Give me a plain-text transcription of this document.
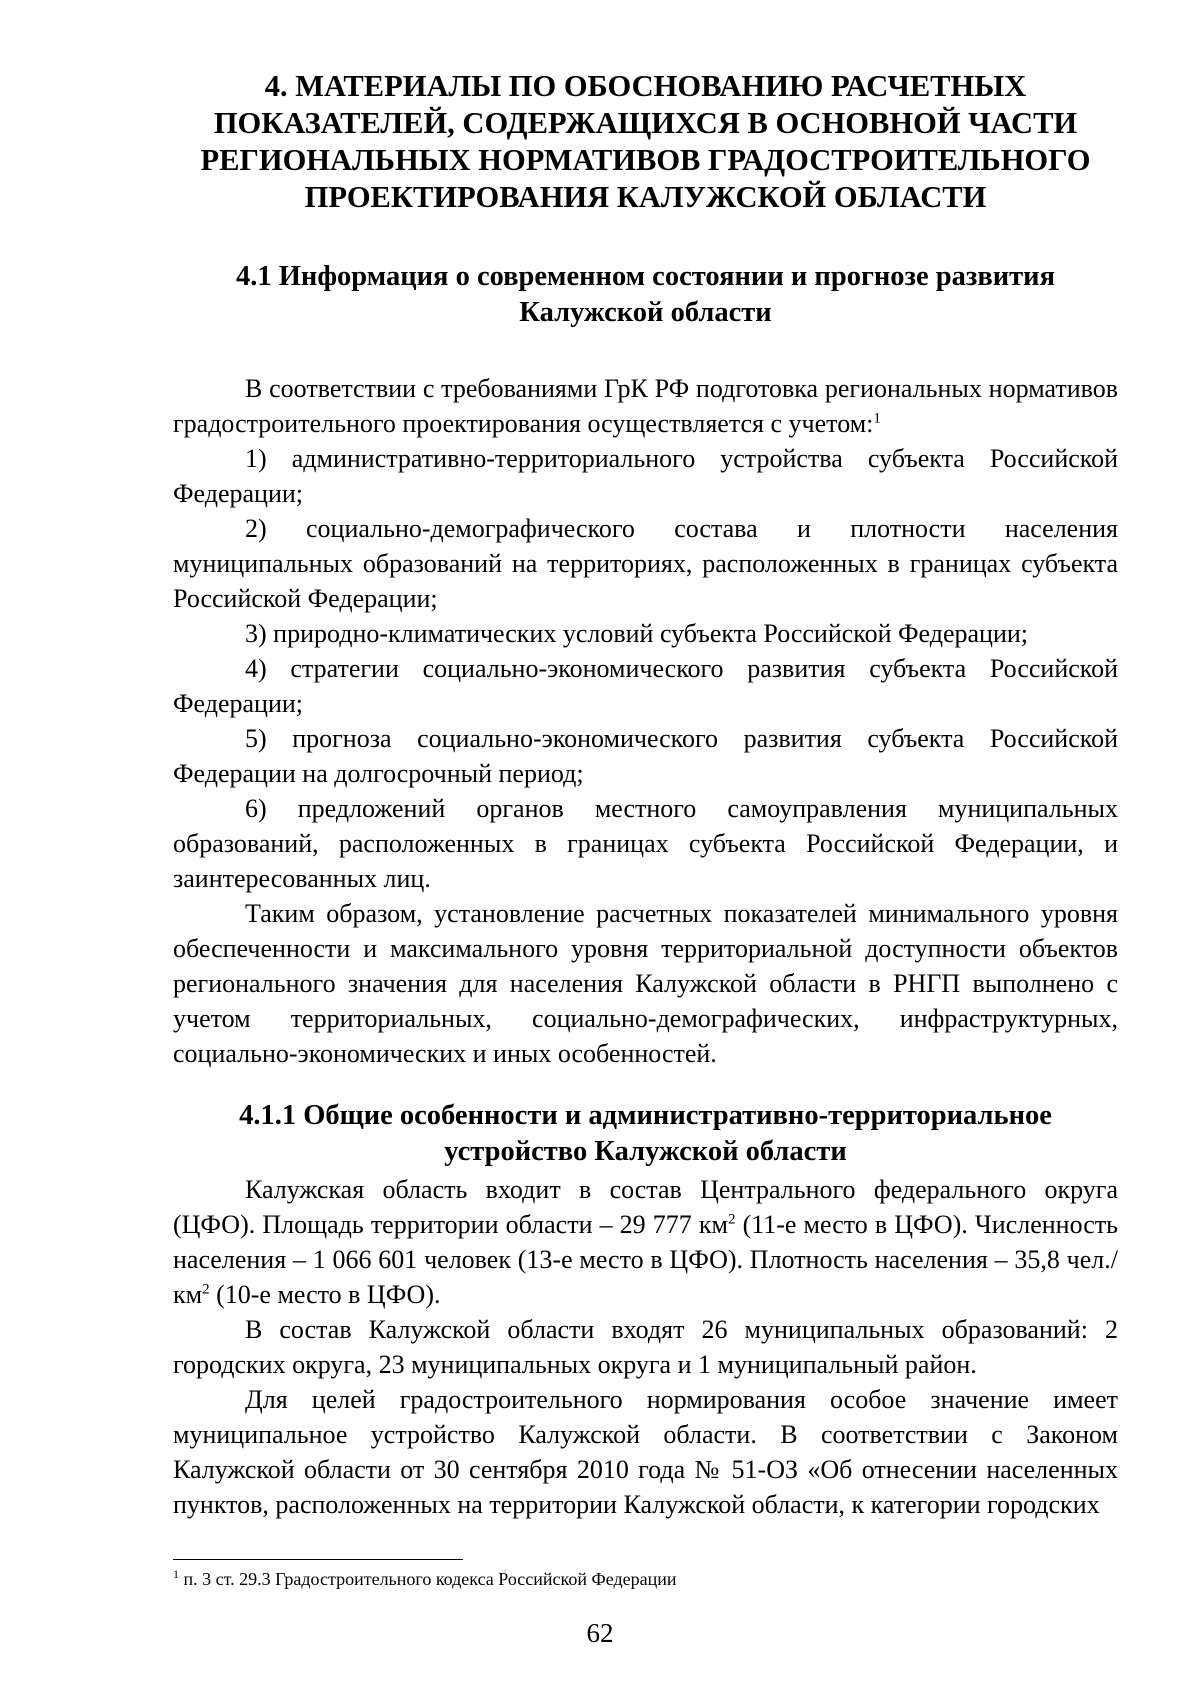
4. МАТЕРИАЛЫ ПО ОБОСНОВАНИЮ РАСЧЕТНЫХ ПОКАЗАТЕЛЕЙ, СОДЕРЖАЩИХСЯ В ОСНОВНОЙ ЧАСТИ РЕГИОНАЛЬНЫХ НОРМАТИВОВ ГРАДОСТРОИТЕЛЬНОГО ПРОЕКТИРОВАНИЯ КАЛУЖСКОЙ ОБЛАСТИ
4.1 Информация о современном состоянии и прогнозе развития Калужской области

В соответствии с требованиями ГрК РФ подготовка региональных нормативов градостроительного проектирования осуществляется с учетом:$^1$

1) административно-территориального устройства субъекта Российской Федерации;

2) социально-демографического состава и плотности населения муниципальных образований на территориях, расположенных в границах субъекта Российской Федерации;

3) природно-климатических условий субъекта Российской Федерации;

4) стратегии социально-экономического развития субъекта Российской Федерации;

5) прогноза социально-экономического развития субъекта Российской Федерации на долгосрочный период;

6) предложений органов местного самоуправления муниципальных образований, расположенных в границах субъекта Российской Федерации, и заинтересованных лиц.

Таким образом, установление расчетных показателей минимального уровня обеспеченности и максимального уровня территориальной доступности объектов регионального значения для населения Калужской области в РНГП выполнено с учетом территориальных, социально-демографических, инфраструктурных, социально-экономических и иных особенностей.

4.1.1 Общие особенности и административно-территориальное устройство Калужской области

Калужская область входит в состав Центрального федерального округа (ЦФО). Площадь территории области – 29 777 $км^2$ (11-е место в ЦФО). Численность населения – 1 066 601 человек (13-е место в ЦФО). Плотность населения – 35,8 $чел./км^2$ (10-е место в ЦФО).

В состав Калужской области входят 26 муниципальных образований: 2 городских округа, 23 муниципальных округа и 1 муниципальный район.

Для целей градостроительного нормирования особое значение имеет муниципальное устройство Калужской области. В соответствии с Законом Калужской области от 30 сентября 2010 года № 51-ОЗ «Об отнесении населенных пунктов, расположенных на территории Калужской области, к категории городских

$^1$ п. 3 ст. 29.3 Градостроительного кодекса Российской Федерации
62
